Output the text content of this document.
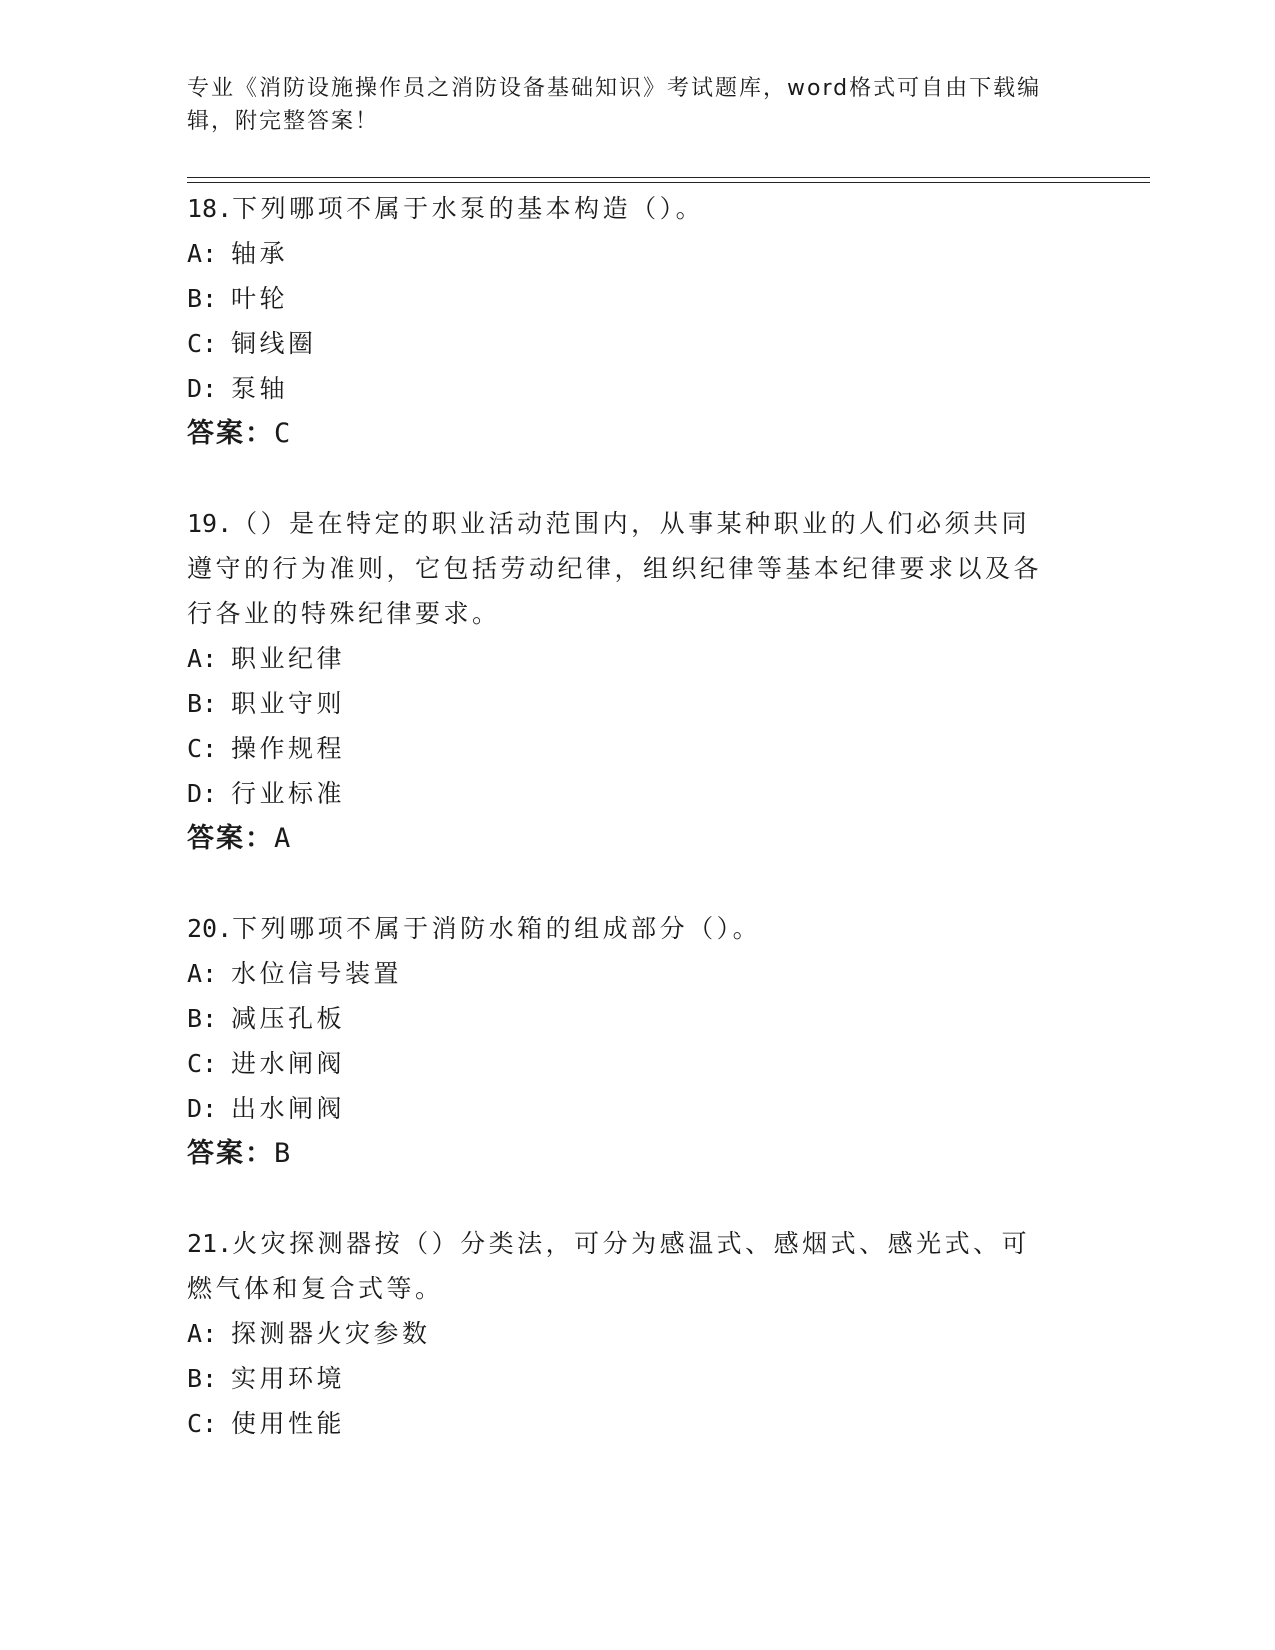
专业《消防设施操作员之消防设备基础知识》考试题库，word格式可自由下载编辑，附完整答案！

18.下列哪项不属于水泵的基本构造（）。

A: 轴承

B: 叶轮

C: 铜线圈

D: 泵轴

答案：C

19.（）是在特定的职业活动范围内，从事某种职业的人们必须共同遵守的行为准则，它包括劳动纪律，组织纪律等基本纪律要求以及各行各业的特殊纪律要求。

A: 职业纪律

B: 职业守则

C: 操作规程

D: 行业标准

答案：A

20.下列哪项不属于消防水箱的组成部分（）。

A: 水位信号装置

B: 减压孔板

C: 进水闸阀

D: 出水闸阀

答案：B

21.火灾探测器按（）分类法，可分为感温式、感烟式、感光式、可燃气体和复合式等。

A: 探测器火灾参数

B: 实用环境

C: 使用性能
